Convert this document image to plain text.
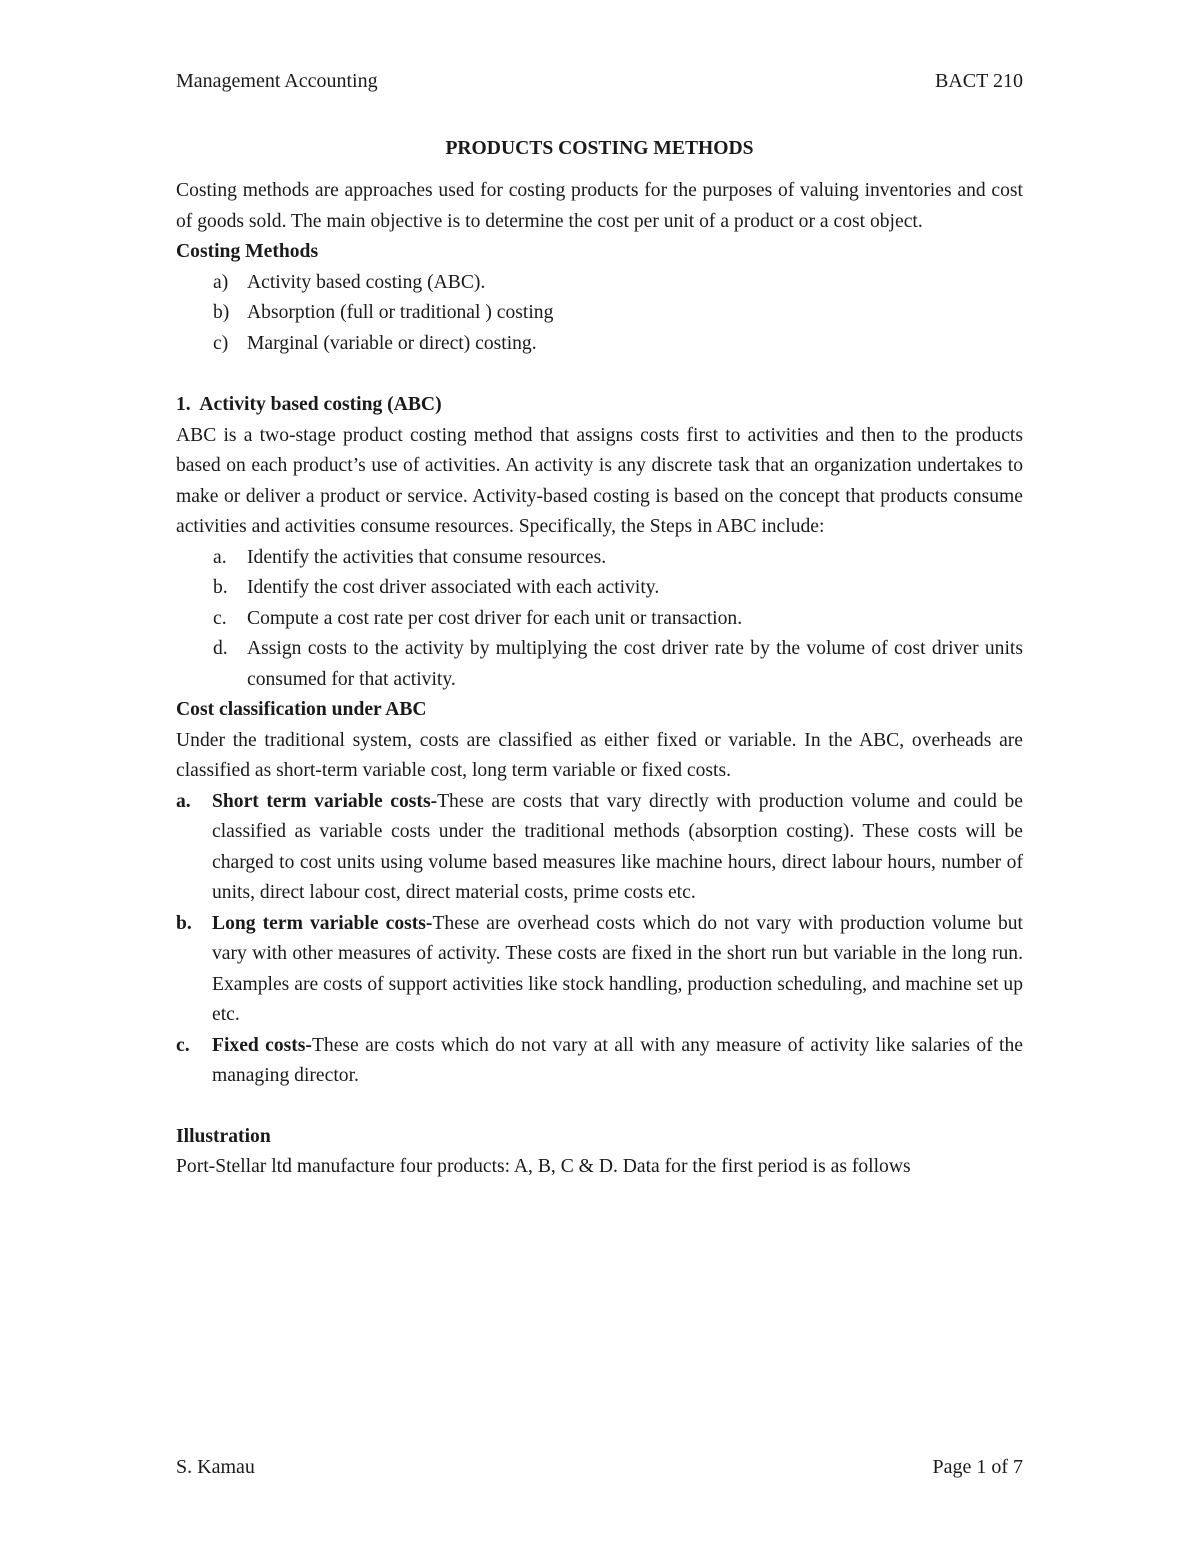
Management Accounting	BACT 210
PRODUCTS COSTING METHODS

Costing methods are approaches used for costing products for the purposes of valuing inventories and cost of goods sold. The main objective is to determine the cost per unit of a product or a cost object.

Costing Methods
a) Activity based costing (ABC).
b) Absorption (full or traditional ) costing
c) Marginal (variable or direct) costing.
1.  Activity based costing (ABC)

ABC is a two-stage product costing method that assigns costs first to activities and then to the products based on each product’s use of activities. An activity is any discrete task that an organization undertakes to make or deliver a product or service. Activity-based costing is based on the concept that products consume activities and activities consume resources. Specifically, the Steps in ABC include:

a. Identify the activities that consume resources.
b. Identify the cost driver associated with each activity.
c. Compute a cost rate per cost driver for each unit or transaction.
d. Assign costs to the activity by multiplying the cost driver rate by the volume of cost driver units consumed for that activity.
Cost classification under ABC

Under the traditional system, costs are classified as either fixed or variable. In the ABC, overheads are classified as short-term variable cost, long term variable or fixed costs.

a. Short term variable costs-These are costs that vary directly with production volume and could be classified as variable costs under the traditional methods (absorption costing). These costs will be charged to cost units using volume based measures like machine hours, direct labour hours, number of units, direct labour cost, direct material costs, prime costs etc.
b. Long term variable costs-These are overhead costs which do not vary with production volume but vary with other measures of activity. These costs are fixed in the short run but variable in the long run. Examples are costs of support activities like stock handling, production scheduling, and machine set up etc.
c. Fixed costs-These are costs which do not vary at all with any measure of activity like salaries of the managing director.
Illustration

Port-Stellar ltd manufacture four products: A, B, C & D. Data for the first period is as follows

S. Kamau	Page 1 of 7
